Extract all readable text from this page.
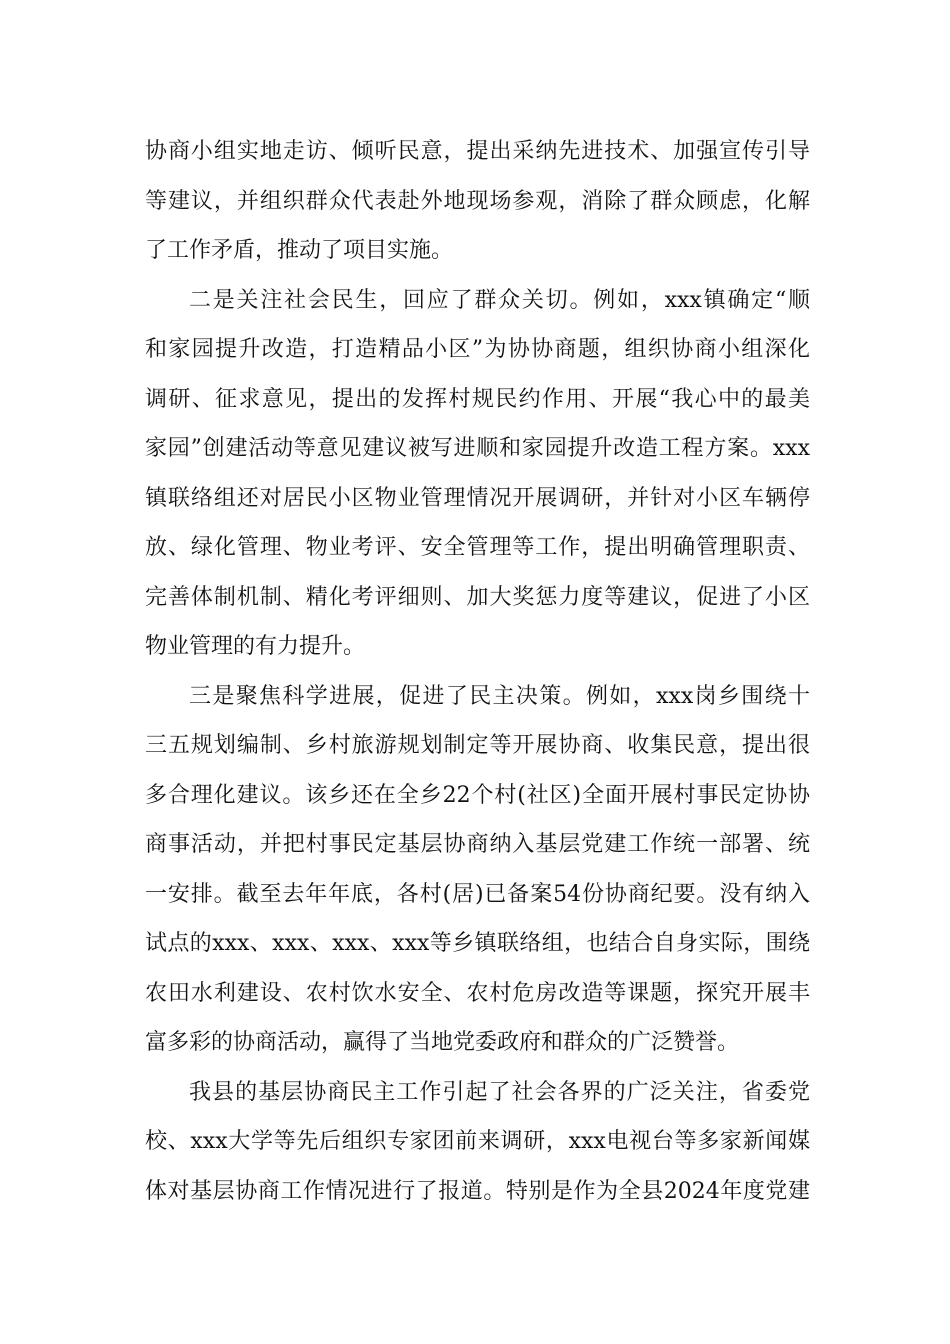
协商小组实地走访、倾听民意，提出采纳先进技术、加强宣传引导
等建议，并组织群众代表赴外地现场参观，消除了群众顾虑，化解
了工作矛盾，推动了项目实施。
二是关注社会民生，回应了群众关切。例如，xxx镇确定“顺
和家园提升改造，打造精品小区”为协协商题，组织协商小组深化
调研、征求意见，提出的发挥村规民约作用、开展“我心中的最美
家园”创建活动等意见建议被写进顺和家园提升改造工程方案。xxx
镇联络组还对居民小区物业管理情况开展调研，并针对小区车辆停
放、绿化管理、物业考评、安全管理等工作，提出明确管理职责、
完善体制机制、精化考评细则、加大奖惩力度等建议，促进了小区
物业管理的有力提升。
三是聚焦科学进展，促进了民主决策。例如，xxx岗乡围绕十
三五规划编制、乡村旅游规划制定等开展协商、收集民意，提出很
多合理化建议。该乡还在全乡22个村(社区)全面开展村事民定协协
商事活动，并把村事民定基层协商纳入基层党建工作统一部署、统
一安排。截至去年年底，各村(居)已备案54份协商纪要。没有纳入
试点的xxx、xxx、xxx、xxx等乡镇联络组，也结合自身实际，围绕
农田水利建设、农村饮水安全、农村危房改造等课题，探究开展丰
富多彩的协商活动，赢得了当地党委政府和群众的广泛赞誉。
我县的基层协商民主工作引起了社会各界的广泛关注，省委党
校、xxx大学等先后组织专家团前来调研，xxx电视台等多家新闻媒
体对基层协商工作情况进行了报道。特别是作为全县2024年度党建
